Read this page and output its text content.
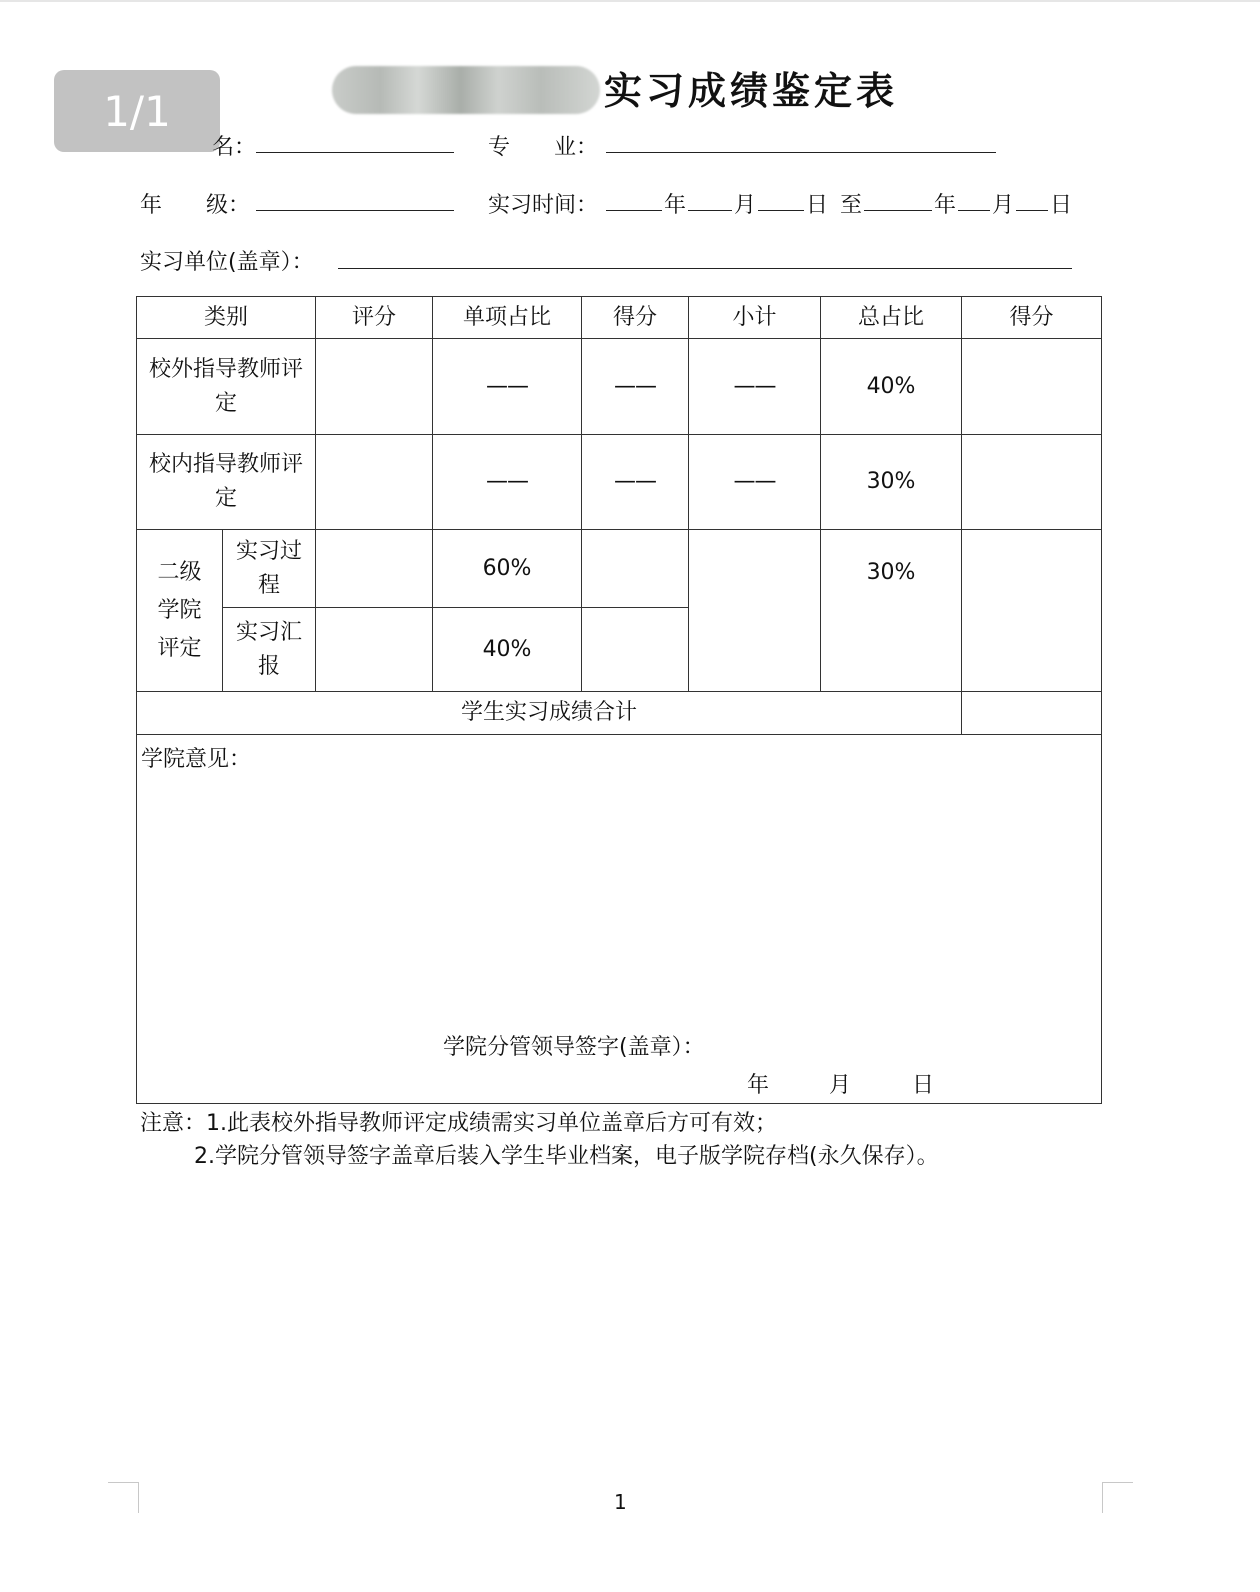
1/1	实习成绩鉴定表
名：	专　　业：
年　　级：	实习时间：	年 月 日 至	年 月 日
实习单位(盖章）：
类别		评分	单项占比	得分	小计	总占比	得分
校外指导教师评定			——	——	——	40%	
校内指导教师评定			——	——	——	30%	
二级学院评定	实习过程		60%			30%	
	实习汇报		40%				
学生实习成绩合计							

学院意见：
学院分管领导签字(盖章）：
年 月 日							
注意：1.此表校外指导教师评定成绩需实习单位盖章后方可有效；
2.学院分管领导签字盖章后装入学生毕业档案，电子版学院存档(永久保存）。
1
